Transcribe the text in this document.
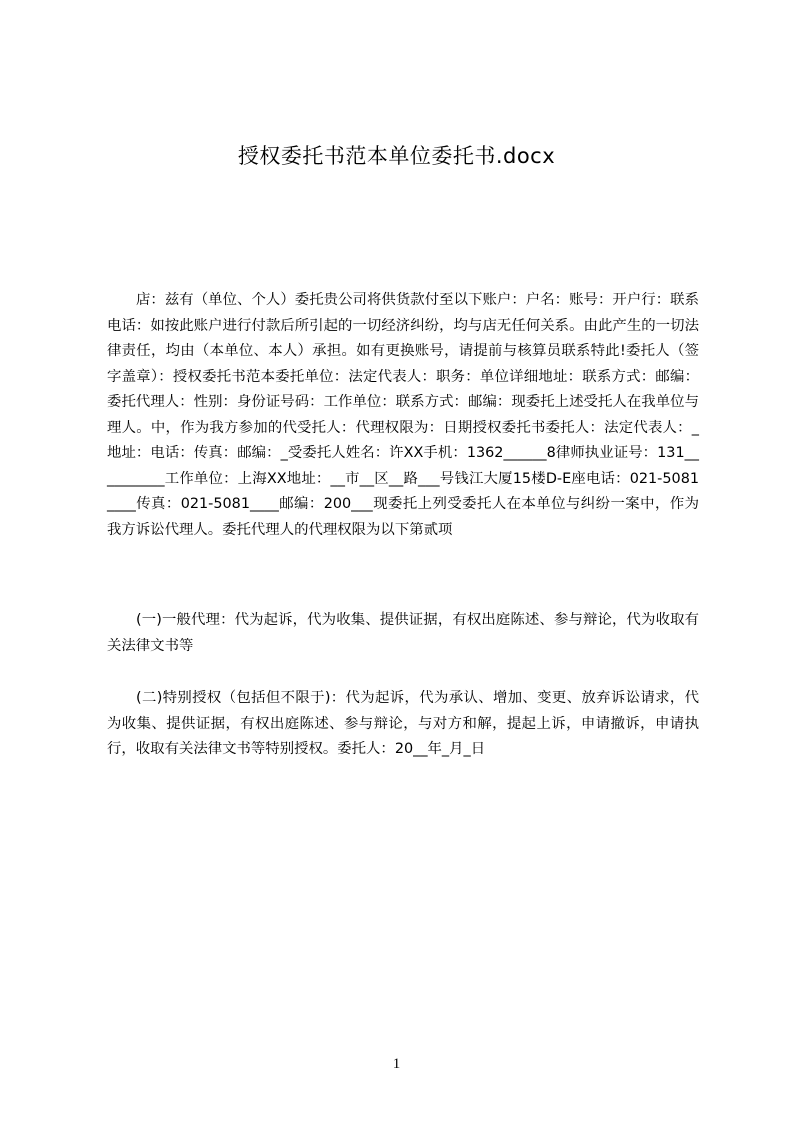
授权委托书范本单位委托书.docx

店：兹有（单位、个人）委托贵公司将供货款付至以下账户：户名：账号：开户行：联系电话：如按此账户进行付款后所引起的一切经济纠纷，均与店无任何关系。由此产生的一切法律责任，均由（本单位、本人）承担。如有更换账号，请提前与核算员联系特此!委托人（签字盖章）：授权委托书范本委托单位：法定代表人：职务：单位详细地址：联系方式：邮编：委托代理人：性别：身份证号码：工作单位：联系方式：邮编：现委托上述受托人在我单位与理人。中，作为我方参加的代受托人：代理权限为：日期授权委托书委托人：法定代表人：_地址：电话：传真：邮编：_受委托人姓名：许XX手机：1362______8律师执业证号：131__________工作单位：上海XX地址：__市__区__路___号钱江大厦15楼D-E座电话：021-5081____传真：021-5081____邮编：200___现委托上列受委托人在本单位与纠纷一案中，作为我方诉讼代理人。委托代理人的代理权限为以下第贰项

(一)一般代理：代为起诉，代为收集、提供证据，有权出庭陈述、参与辩论，代为收取有关法律文书等

(二)特别授权（包括但不限于)：代为起诉，代为承认、增加、变更、放弃诉讼请求，代为收集、提供证据，有权出庭陈述、参与辩论，与对方和解，提起上诉，申请撤诉，申请执行，收取有关法律文书等特别授权。委托人：20__年_月_日

1
